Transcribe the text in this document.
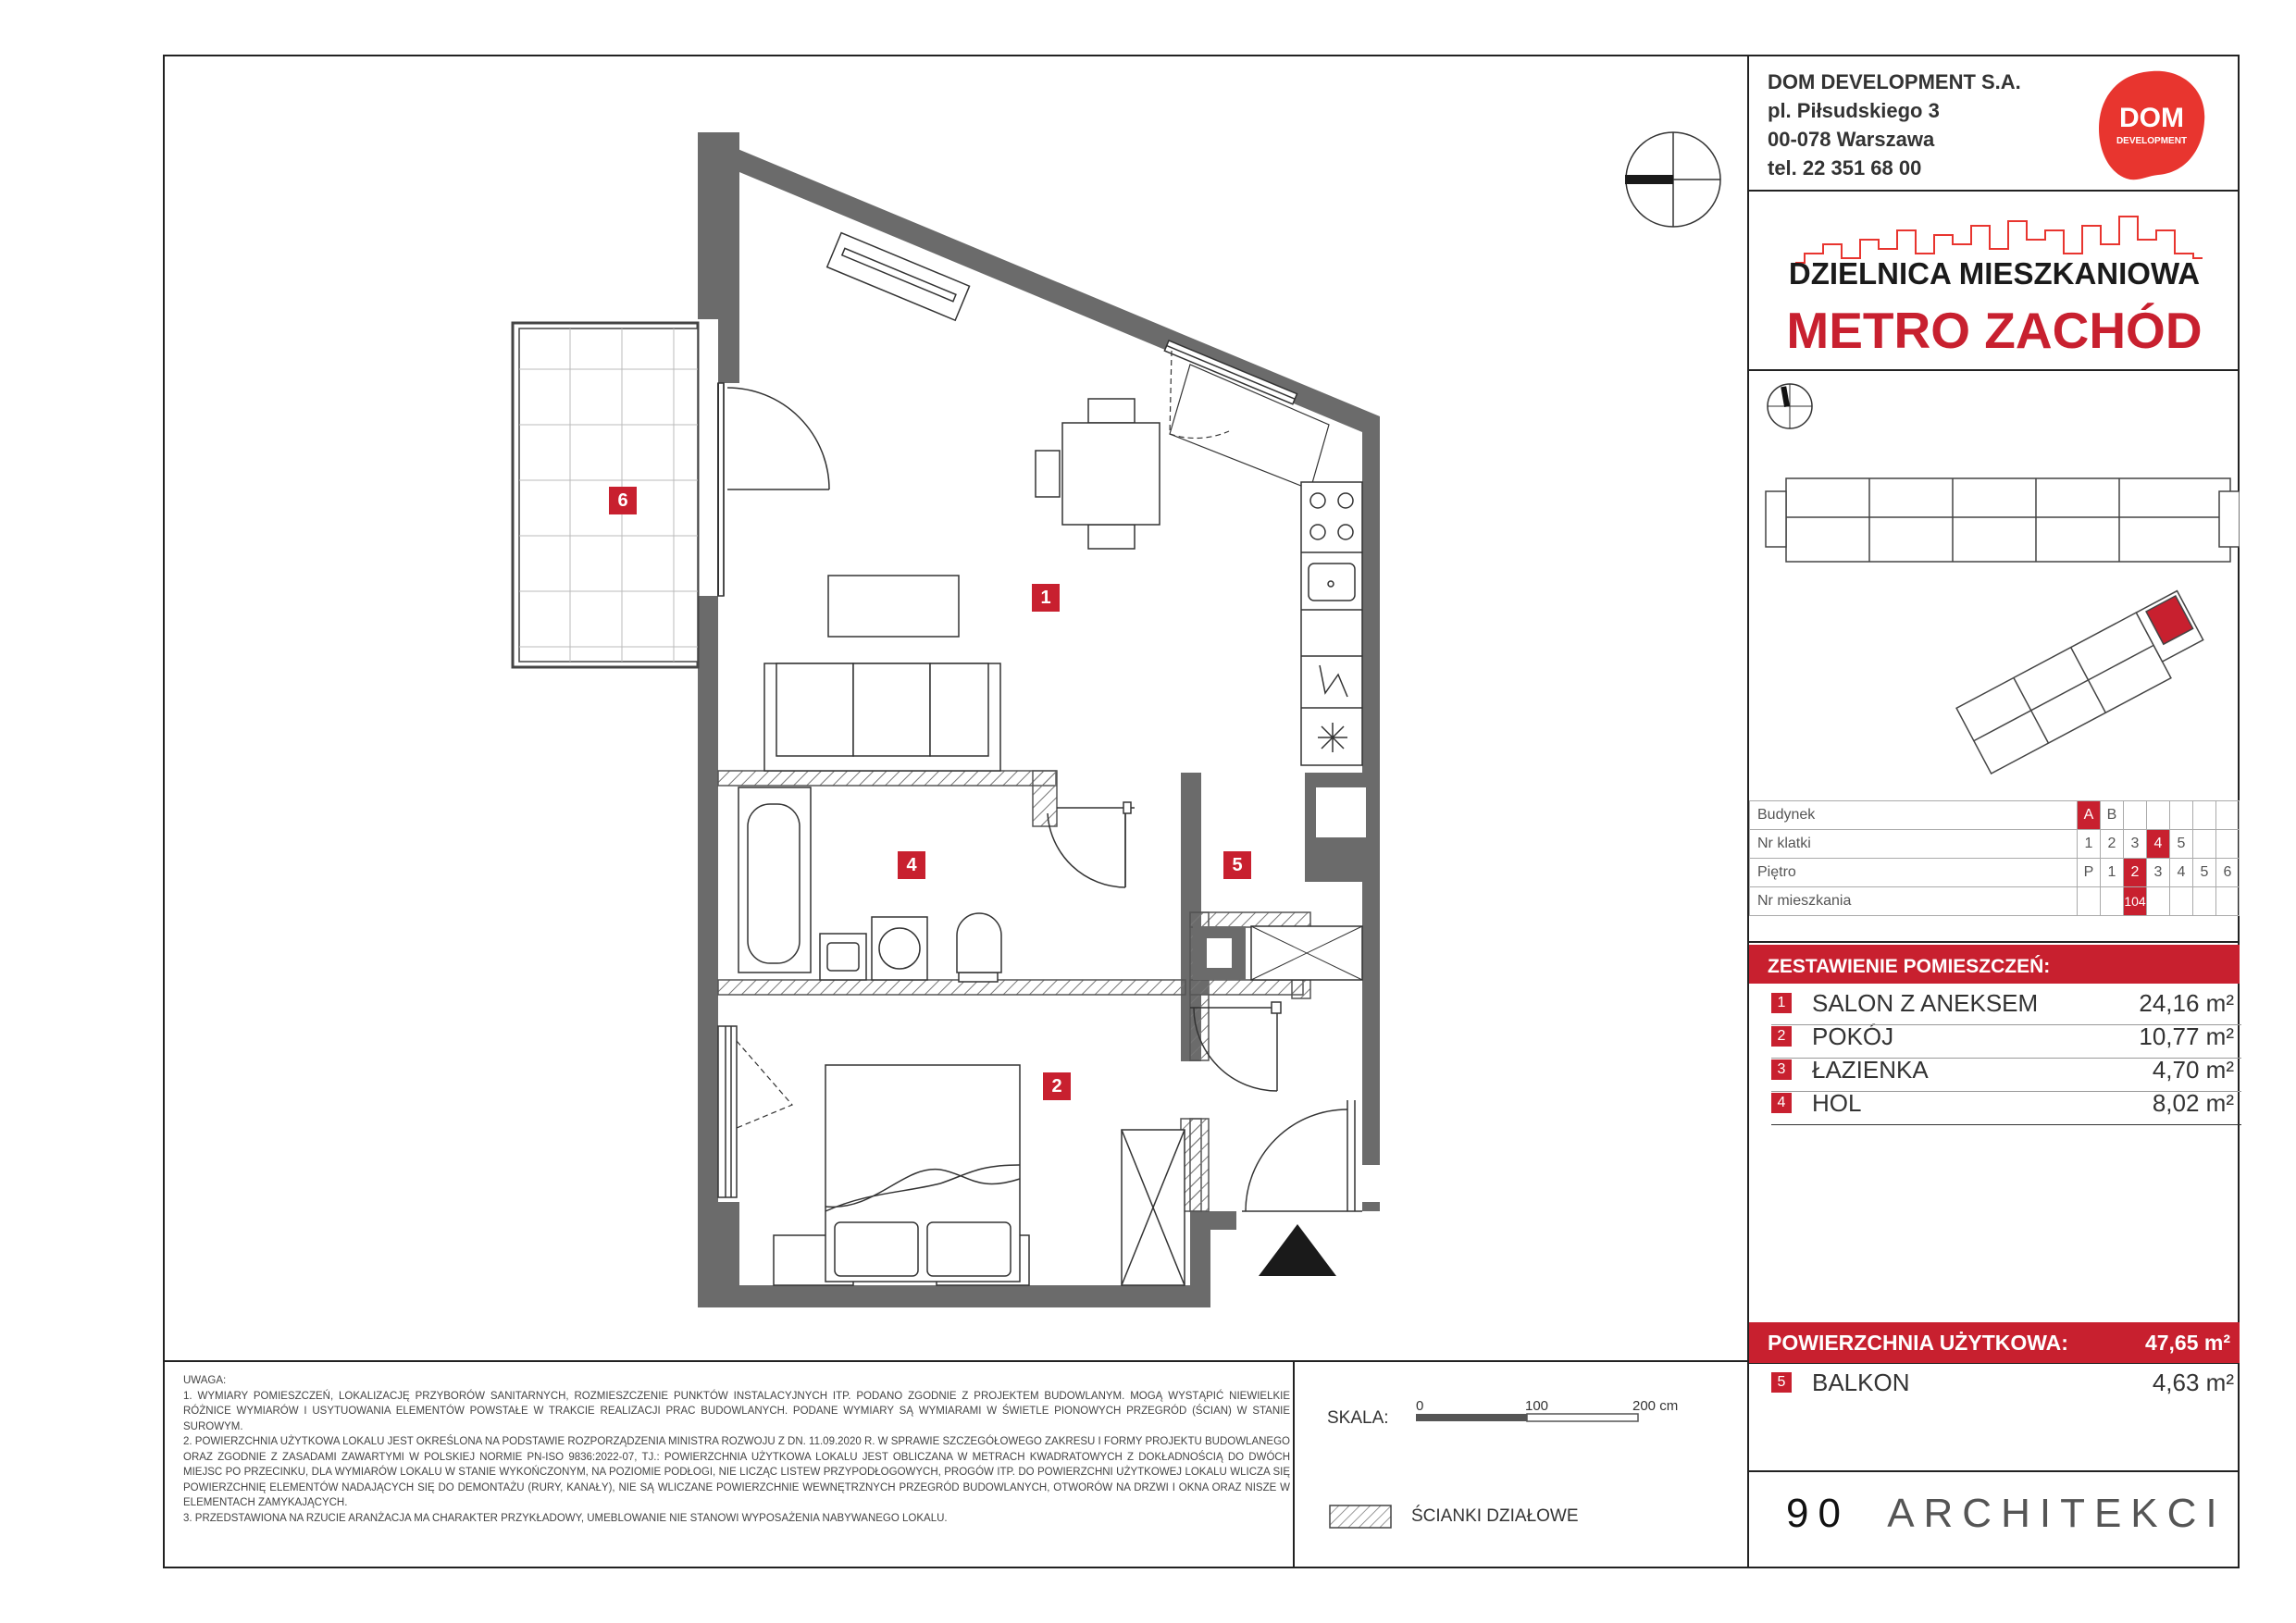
1
2
4	5
6
DOM DEVELOPMENT S.A.
pl. Piłsudskiego 3
00-078 Warszawa
tel. 22 351 68 00
DOM
DEVELOPMENT
DZIELNICA MIESZKANIOWA
METRO ZACHÓD
Budynek	A	B					
Nr klatki	1	2	3	4	5		
Piętro	P	1	2	3	4	5	6
Nr mieszkania			104				
ZESTAWIENIE POMIESZCZEŃ:
1 SALON Z ANEKSEM	24,16 m²
2 POKÓJ	10,77 m²
3 ŁAZIENKA	4,70 m²
4 HOL	8,02 m²
POWIERZCHNIA UŻYTKOWA:	47,65 m²
5 BALKON	4,63 m²
90 ARCHITEKCI

UWAGA:

1. WYMIARY POMIESZCZEŃ, LOKALIZACJĘ PRZYBORÓW SANITARNYCH, ROZMIESZCZENIE PUNKTÓW INSTALACYJNYCH ITP. PODANO ZGODNIE Z PROJEKTEM BUDOWLANYM. MOGĄ WYSTĄPIĆ NIEWIELKIE RÓŻNICE WYMIARÓW I USYTUOWANIA ELEMENTÓW POWSTAŁE W TRAKCIE REALIZACJI PRAC BUDOWLANYCH. PODANE WYMIARY SĄ WYMIARAMI W ŚWIETLE PIONOWYCH PRZEGRÓD (ŚCIAN) W STANIE SUROWYM.

2. POWIERZCHNIA UŻYTKOWA LOKALU JEST OKREŚLONA NA PODSTAWIE ROZPORZĄDZENIA MINISTRA ROZWOJU Z DN. 11.09.2020 R. W SPRAWIE SZCZEGÓŁOWEGO ZAKRESU I FORMY PROJEKTU BUDOWLANEGO ORAZ ZGODNIE Z ZASADAMI ZAWARTYMI W POLSKIEJ NORMIE PN-ISO 9836:2022-07, TJ.: POWIERZCHNIA UŻYTKOWA LOKALU JEST OBLICZANA W METRACH KWADRATOWYCH Z DOKŁADNOŚCIĄ DO DWÓCH MIEJSC PO PRZECINKU, DLA WYMIARÓW LOKALU W STANIE WYKOŃCZONYM, NA POZIOMIE PODŁOGI, NIE LICZĄC LISTEW PRZYPODŁOGOWYCH, PROGÓW ITP. DO POWIERZCHNI UŻYTKOWEJ LOKALU WLICZA SIĘ POWIERZCHNIĘ ELEMENTÓW NADAJĄCYCH SIĘ DO DEMONTAŻU (RURY, KANAŁY), NIE SĄ WLICZANE POWIERZCHNIE WEWNĘTRZNYCH PRZEGRÓD BUDOWLANYCH, OTWORÓW NA DRZWI I OKNA ORAZ NISZE W ELEMENTACH ZAMYKAJĄCYCH.

3. PRZEDSTAWIONA NA RZUCIE ARANŻACJA MA CHARAKTER PRZYKŁADOWY, UMEBLOWANIE NIE STANOWI WYPOSAŻENIA NABYWANEGO LOKALU.

SKALA:
0	100	200 cm
ŚCIANKI DZIAŁOWE
